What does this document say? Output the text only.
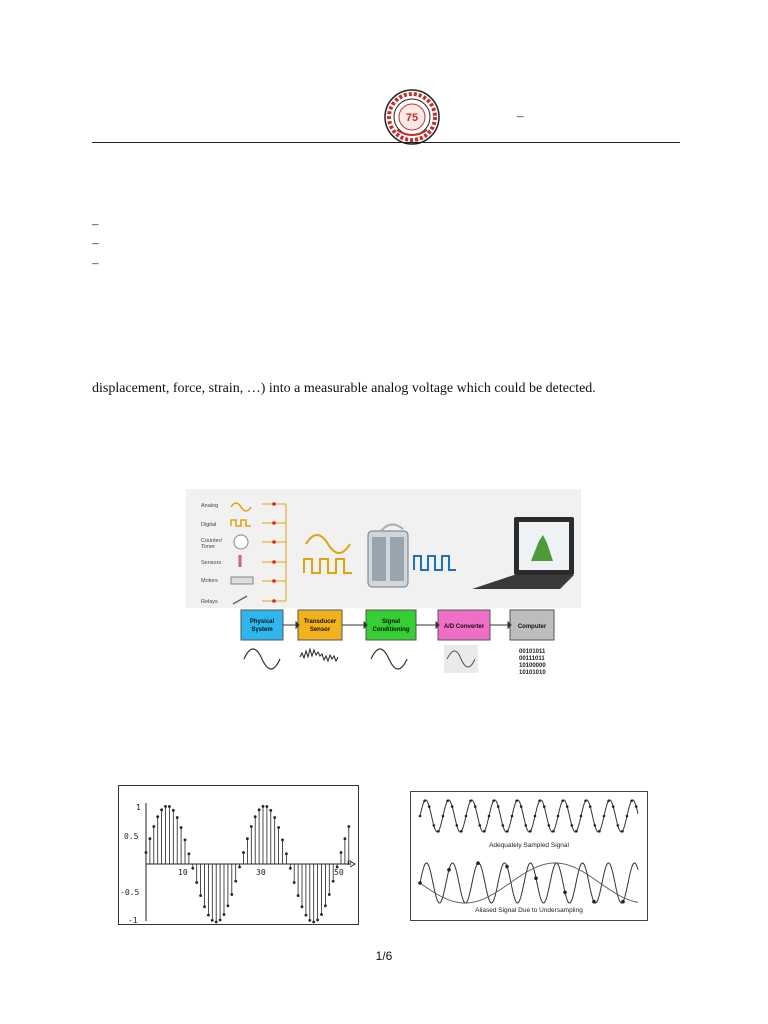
75	–
–
–
–
displacement, force, strain, …) into a measurable analog voltage which could be detected.
Analog
Digital
Counter/
Timer
Sensors
Motors
Relays
Physical
System
Transducer
Sensor
Signal
Conditioning	A/D Converter	Computer
00101011
00111011
10100000
10101010
1
0.5
-0.5
-1
10	30	50
n
Adequately Sampled Signal
Aliased Signal Due to Undersampling
1/6
